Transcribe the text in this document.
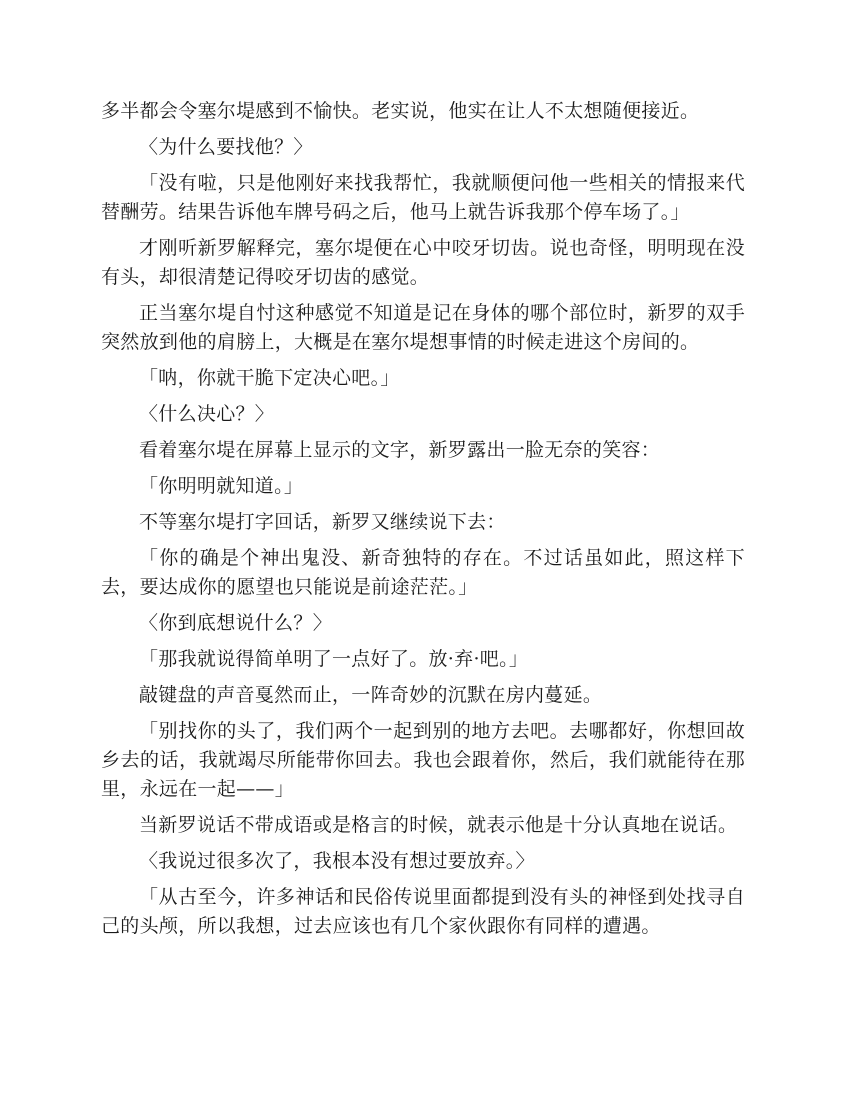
多半都会令塞尔堤感到不愉快。老实说，他实在让人不太想随便接近。

〈为什么要找他？〉

「没有啦，只是他刚好来找我帮忙，我就顺便问他一些相关的情报来代替酬劳。结果告诉他车牌号码之后，他马上就告诉我那个停车场了。」

才刚听新罗解释完，塞尔堤便在心中咬牙切齿。说也奇怪，明明现在没有头，却很清楚记得咬牙切齿的感觉。

正当塞尔堤自忖这种感觉不知道是记在身体的哪个部位时，新罗的双手突然放到他的肩膀上，大概是在塞尔堤想事情的时候走进这个房间的。

「呐，你就干脆下定决心吧。」

〈什么决心？〉

看着塞尔堤在屏幕上显示的文字，新罗露出一脸无奈的笑容：

「你明明就知道。」

不等塞尔堤打字回话，新罗又继续说下去：

「你的确是个神出鬼没、新奇独特的存在。不过话虽如此，照这样下去，要达成你的愿望也只能说是前途茫茫。」

〈你到底想说什么？〉

「那我就说得简单明了一点好了。放·弃·吧。」

敲键盘的声音戛然而止，一阵奇妙的沉默在房内蔓延。

「别找你的头了，我们两个一起到别的地方去吧。去哪都好，你想回故乡去的话，我就竭尽所能带你回去。我也会跟着你，然后，我们就能待在那里，永远在一起——」

当新罗说话不带成语或是格言的时候，就表示他是十分认真地在说话。

〈我说过很多次了，我根本没有想过要放弃。〉

「从古至今，许多神话和民俗传说里面都提到没有头的神怪到处找寻自己的头颅，所以我想，过去应该也有几个家伙跟你有同样的遭遇。
